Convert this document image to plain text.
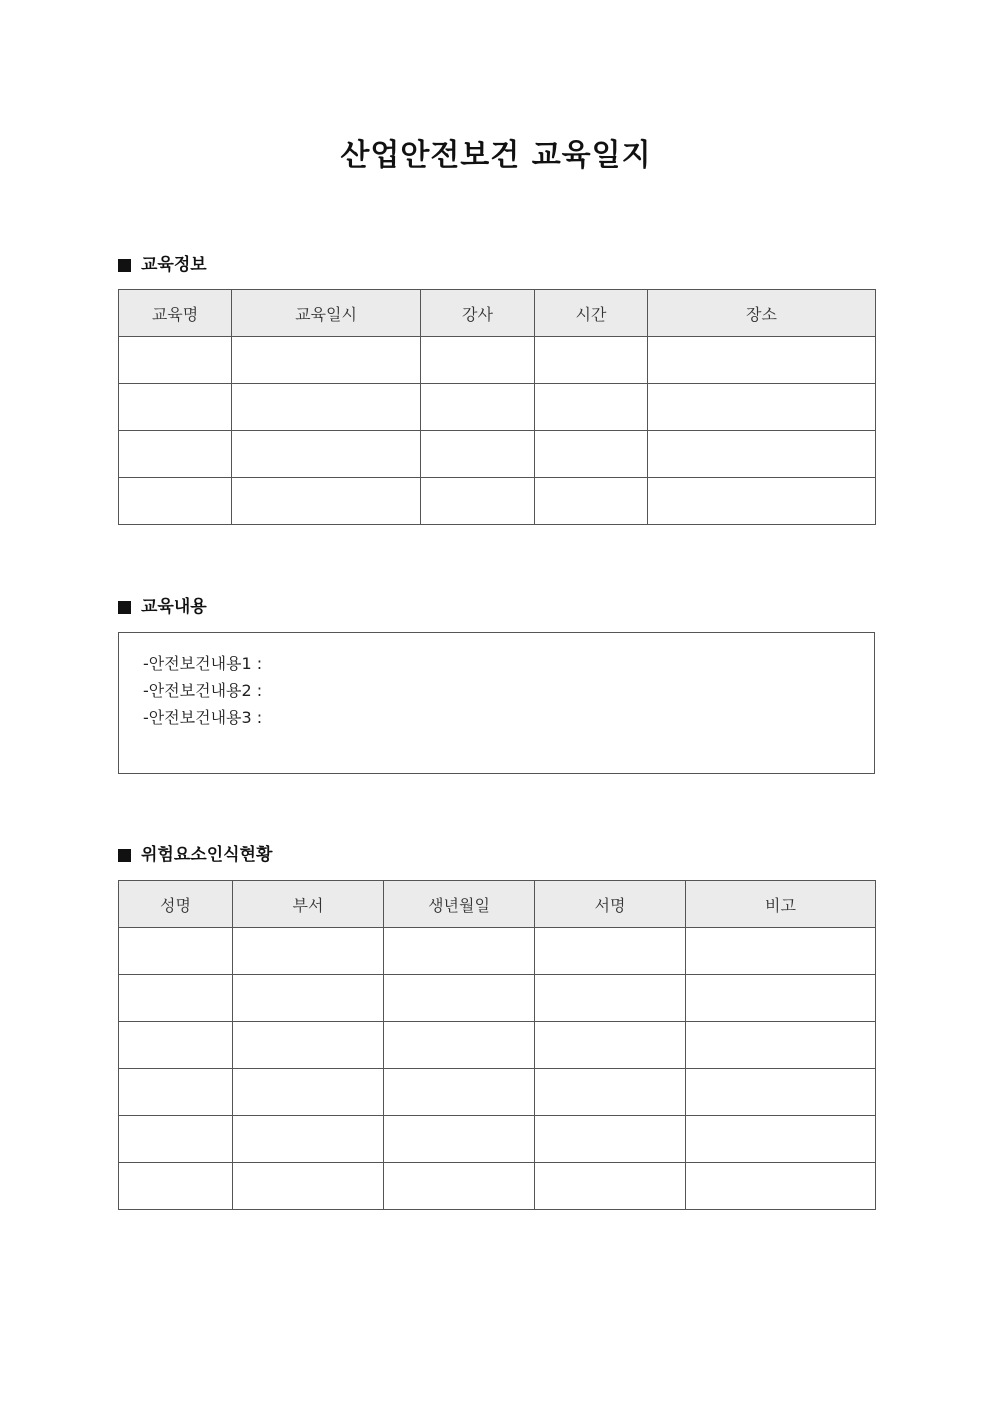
산업안전보건 교육일지
교육정보
교육명	교육일시	강사	시간	장소

교육내용
-안전보건내용1 :
-안전보건내용2 :
-안전보건내용3 :
위험요소인식현황
성명	부서	생년월일	서명	비고
